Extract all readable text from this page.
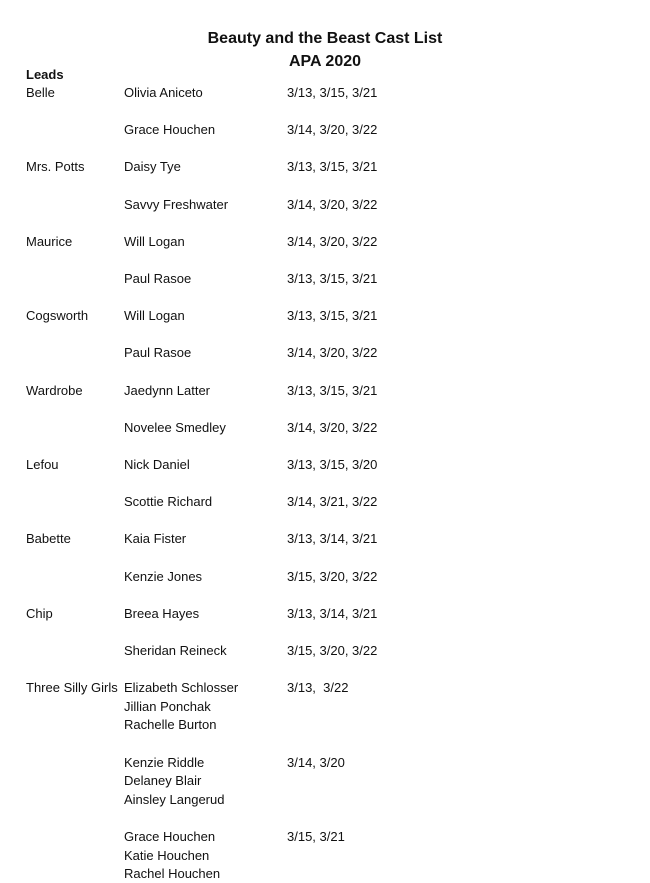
Beauty and the Beast Cast List
APA 2020
Leads
Belle	Olivia Aniceto	3/13, 3/15, 3/21
Grace Houchen	3/14, 3/20, 3/22
Mrs. Potts	Daisy Tye	3/13, 3/15, 3/21
Savvy Freshwater	3/14, 3/20, 3/22
Maurice	Will Logan	3/14, 3/20, 3/22
Paul Rasoe	3/13, 3/15, 3/21
Cogsworth	Will Logan	3/13, 3/15, 3/21
Paul Rasoe	3/14, 3/20, 3/22
Wardrobe	Jaedynn Latter	3/13, 3/15, 3/21
Novelee Smedley	3/14, 3/20, 3/22
Lefou	Nick Daniel	3/13, 3/15, 3/20
Scottie Richard	3/14, 3/21, 3/22
Babette	Kaia Fister	3/13, 3/14, 3/21
Kenzie Jones	3/15, 3/20, 3/22
Chip	Breea Hayes	3/13, 3/14, 3/21
Sheridan Reineck	3/15, 3/20, 3/22
Three Silly Girls Elizabeth Schlosser	3/13,  3/22
Jillian Ponchak
Rachelle Burton
Kenzie Riddle	3/14, 3/20
Delaney Blair
Ainsley Langerud
Grace Houchen	3/15, 3/21
Katie Houchen
Rachel Houchen
